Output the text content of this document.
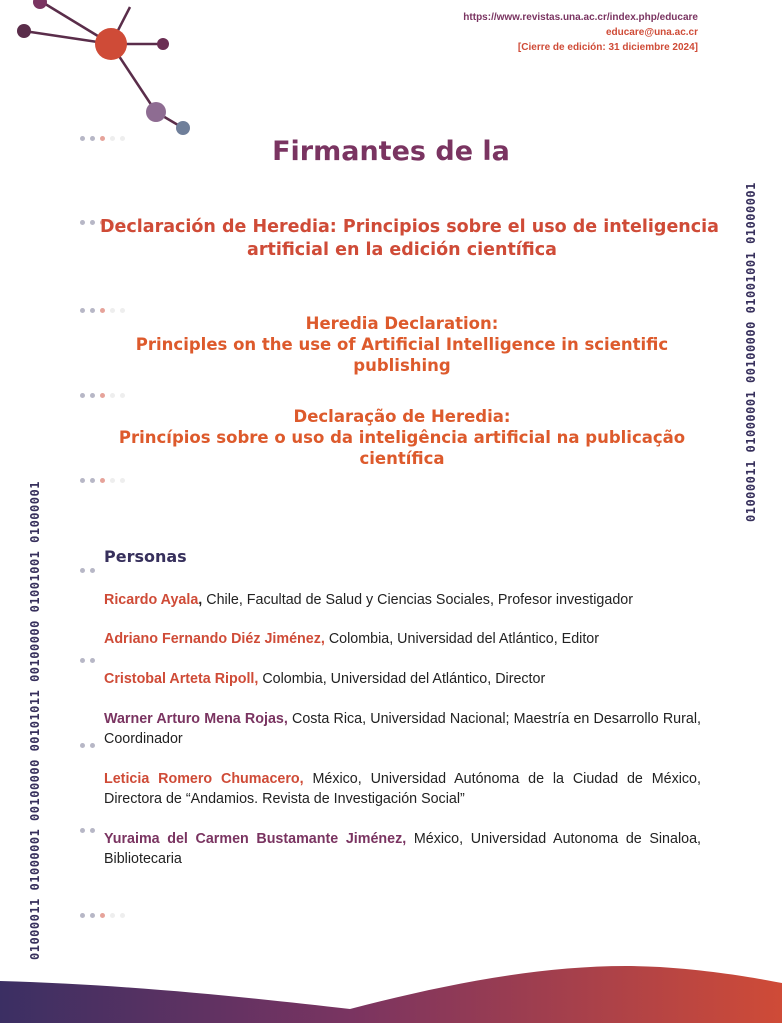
https://www.revistas.una.ac.cr/index.php/educare
educare@una.ac.cr
[Cierre de edición: 31 diciembre 2024]
01000011 01000001 00100000 01001001 01000001
01000011 01000001 00100000 00101011 00100000 01001001 01000001
Firmantes de la
Declaración de Heredia: Principios sobre el uso de inteligencia
artificial en la edición científica
Heredia Declaration:
Principles on the use of Artificial Intelligence in scientific
publishing
Declaração de Heredia:
Princípios sobre o uso da inteligência artificial na publicação
científica
Personas
Ricardo Ayala, Chile, Facultad de Salud y Ciencias Sociales, Profesor investigador
Adriano Fernando Diéz Jiménez, Colombia, Universidad del Atlántico, Editor
Cristobal Arteta Ripoll, Colombia, Universidad del Atlántico, Director
Warner Arturo Mena Rojas, Costa Rica, Universidad Nacional; Maestría en Desarrollo Rural, Coordinador
Leticia Romero Chumacero, México, Universidad Autónoma de la Ciudad de México, Directora de “Andamios. Revista de Investigación Social”
Yuraima del Carmen Bustamante Jiménez, México, Universidad Autonoma de Sinaloa, Bibliotecaria
